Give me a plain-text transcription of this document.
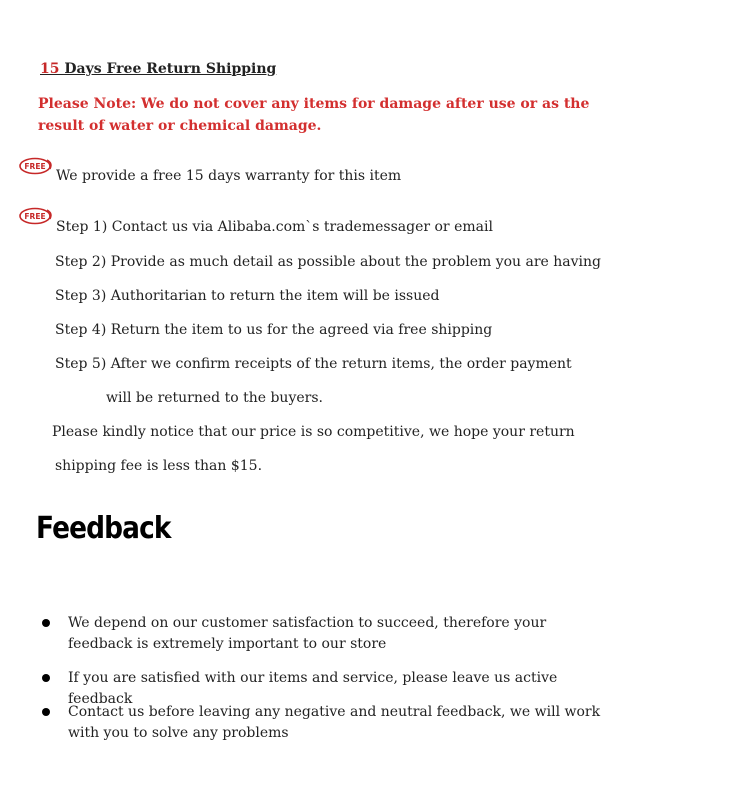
15 Days Free Return Shipping
Please Note: We do not cover any items for damage after use or as the result of water or chemical damage.
FREE
We provide a free 15 days warranty for this item
FREE
Step 1) Contact us via Alibaba.com`s trademessager or email
Step 2) Provide as much detail as possible about the problem you are having
Step 3) Authoritarian to return the item will be issued
Step 4) Return the item to us for the agreed via free shipping
Step 5) After we confirm receipts of the return items, the order payment
will be returned to the buyers.
Please kindly notice that our price is so competitive, we hope your return
shipping fee is less than $15.
Feedback
We depend on our customer satisfaction to succeed, therefore your feedback is extremely important to our store
If you are satisfied with our items and service, please leave us active feedback
Contact us before leaving any negative and neutral feedback, we will work with you to solve any problems
